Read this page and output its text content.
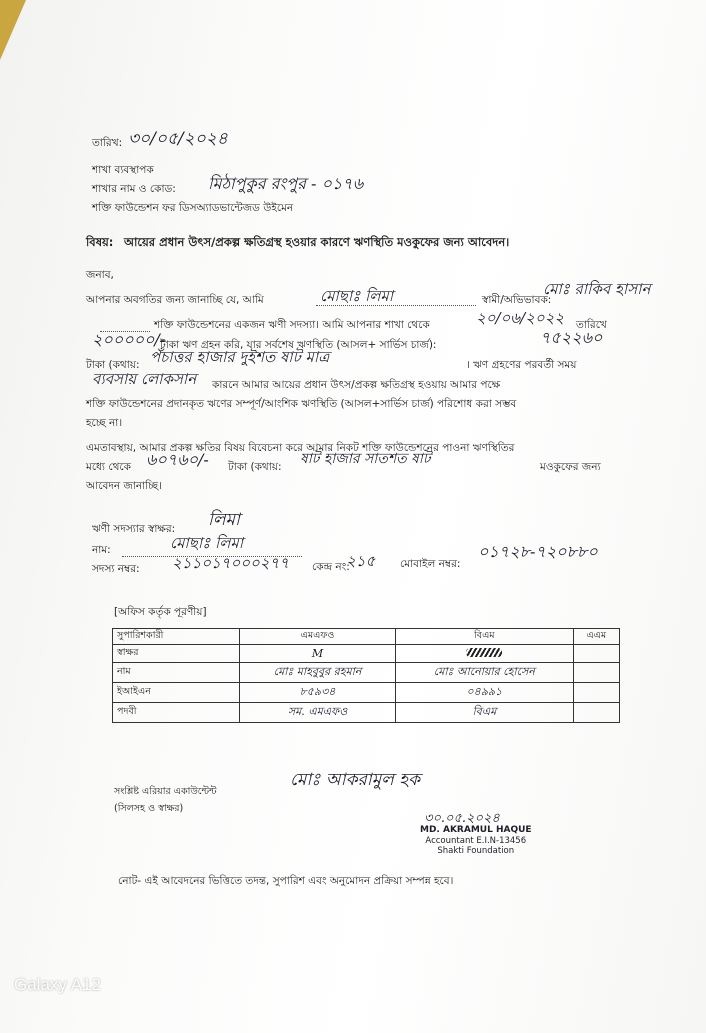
তারিখ: ৩০/০৫/২০২৪
শাখা ব্যবস্থাপক
শাখার নাম ও কোড: মিঠাপুকুর রংপুর - ০১৭৬
শক্তি ফাউন্ডেশন ফর ডিসঅ্যাডভান্টেজড উইমেন
বিষয়: আয়ের প্রধান উৎস/প্রকল্প ক্ষতিগ্রস্থ হওয়ার কারণে ঋণস্থিতি মওকুফের জন্য আবেদন।
জনাব,
আপনার অবগতির জন্য জানাচ্ছি যে, আমি	মোছাঃ লিমা	স্বামী/অভিভাবক:
মোঃ রাকিব হাসান
শক্তি ফাউন্ডেশনের একজন ঋণী সদস্যা। আমি আপনার শাখা থেকে	২০/০৬/২০২২ তারিখে
২০০০০০/-
টাকা ঋণ গ্রহন করি, যার সর্বশেষ ঋণস্থিতি (আসল+ সার্ভিস চার্জ):	৭৫২২৬০
টাকা (কথায়: পঁচাত্তর হাজার দুইশত ষাট মাত্র	। ঋণ গ্রহণের পরবর্তী সময়
ব্যবসায় লোকসান কারনে আমার আয়ের প্রধান উৎস/প্রকল্প ক্ষতিগ্রস্থ হওয়ায় আমার পক্ষে
শক্তি ফাউন্ডেশনের প্রদানকৃত ঋণের সম্পূর্ণ/আংশিক ঋণস্থিতি (আসল+সার্ভিস চার্জ) পরিশোধ করা সম্ভব
হচ্ছে না।
এমতাবস্থায়, আমার প্রকল্প ক্ষতির বিষয় বিবেচনা করে আমার নিকট শক্তি ফাউন্ডেশনের পাওনা ঋণস্থিতির
মধ্যে থেকে ৬০৭৬০/- টাকা (কথায়: ষাট হাজার সাতশত ষাট	মওকুফের জন্য
আবেদন জানাচ্ছি।
ঋণী সদস্যার স্বাক্ষর: লিমা
নাম:	মোছাঃ লিমা
সদস্য নম্বর: ২১১০১৭০০০২৭৭ কেন্দ্র নং:
২১৫ মোবাইল নম্বর:
০১৭২৮-৭২০৮৮০
[অফিস কর্তৃক পূরণীয়]
সুপারিশকারী	এমএফও	বিএম	এএম
স্বাক্ষর	M		
নাম	মোঃ মাহবুবুর রহমান	মোঃ আনোয়ার হোসেন	
ইআইএন	৮৫৯৩৪	০৪৯৯১	
পদবী	সম. এমএফও	বিএম	
সংশ্লিষ্ট এরিয়ার একাউন্টেন্ট
(সিলসহ ও স্বাক্ষর)
মোঃ আকরামুল হক
৩০.০৫.২০২৪
MD. AKRAMUL HAQUE
Accountant E.I.N-13456
Shakti Foundation
নোট- এই আবেদনের ভিত্তিতে তদন্ত, সুপারিশ এবং অনুমোদন প্রক্রিয়া সম্পন্ন হবে।
Galaxy A12
